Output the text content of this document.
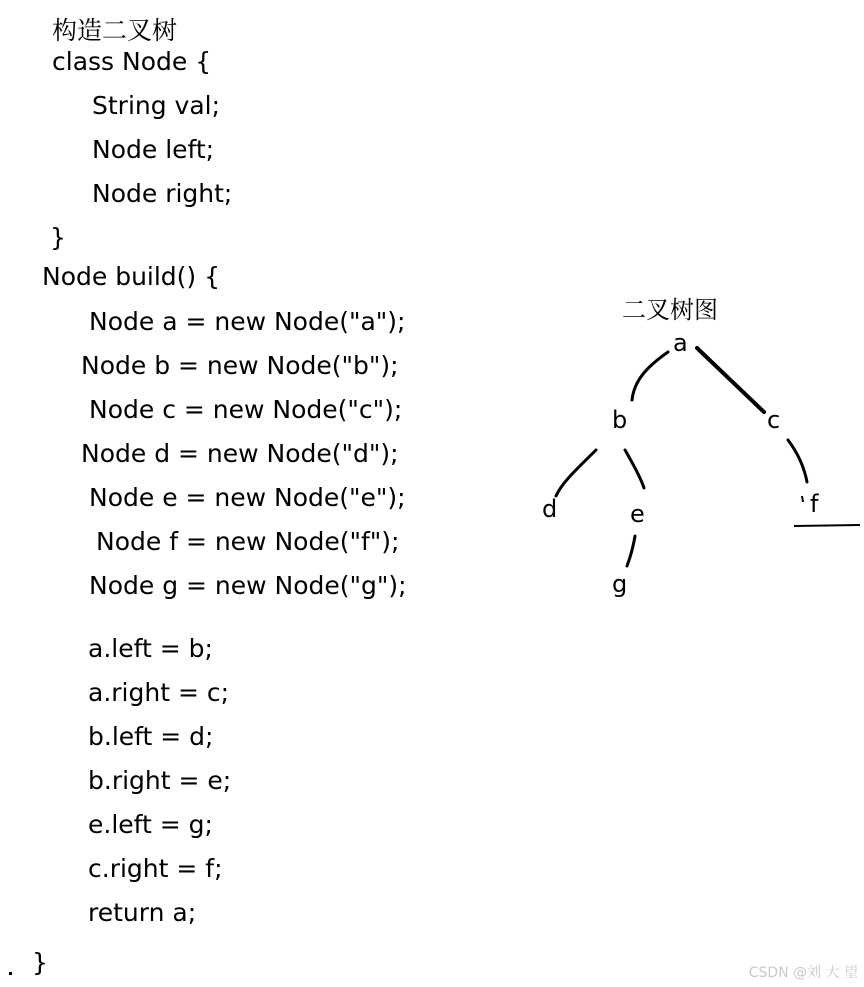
构造二叉树
class Node {
String val;
Node left;
Node right;
}
Node build() {
Node a = new Node("a");
Node b = new Node("b");
Node c = new Node("c");
Node d = new Node("d");
Node e = new Node("e");
Node f = new Node("f");
Node g = new Node("g");
a.left = b;
a.right = c;
b.left = d;
b.right = e;
e.left = g;
c.right = f;
return a;
}
二叉树图
a
b	c
d	e	f
g
CSDN @刘 大 望
